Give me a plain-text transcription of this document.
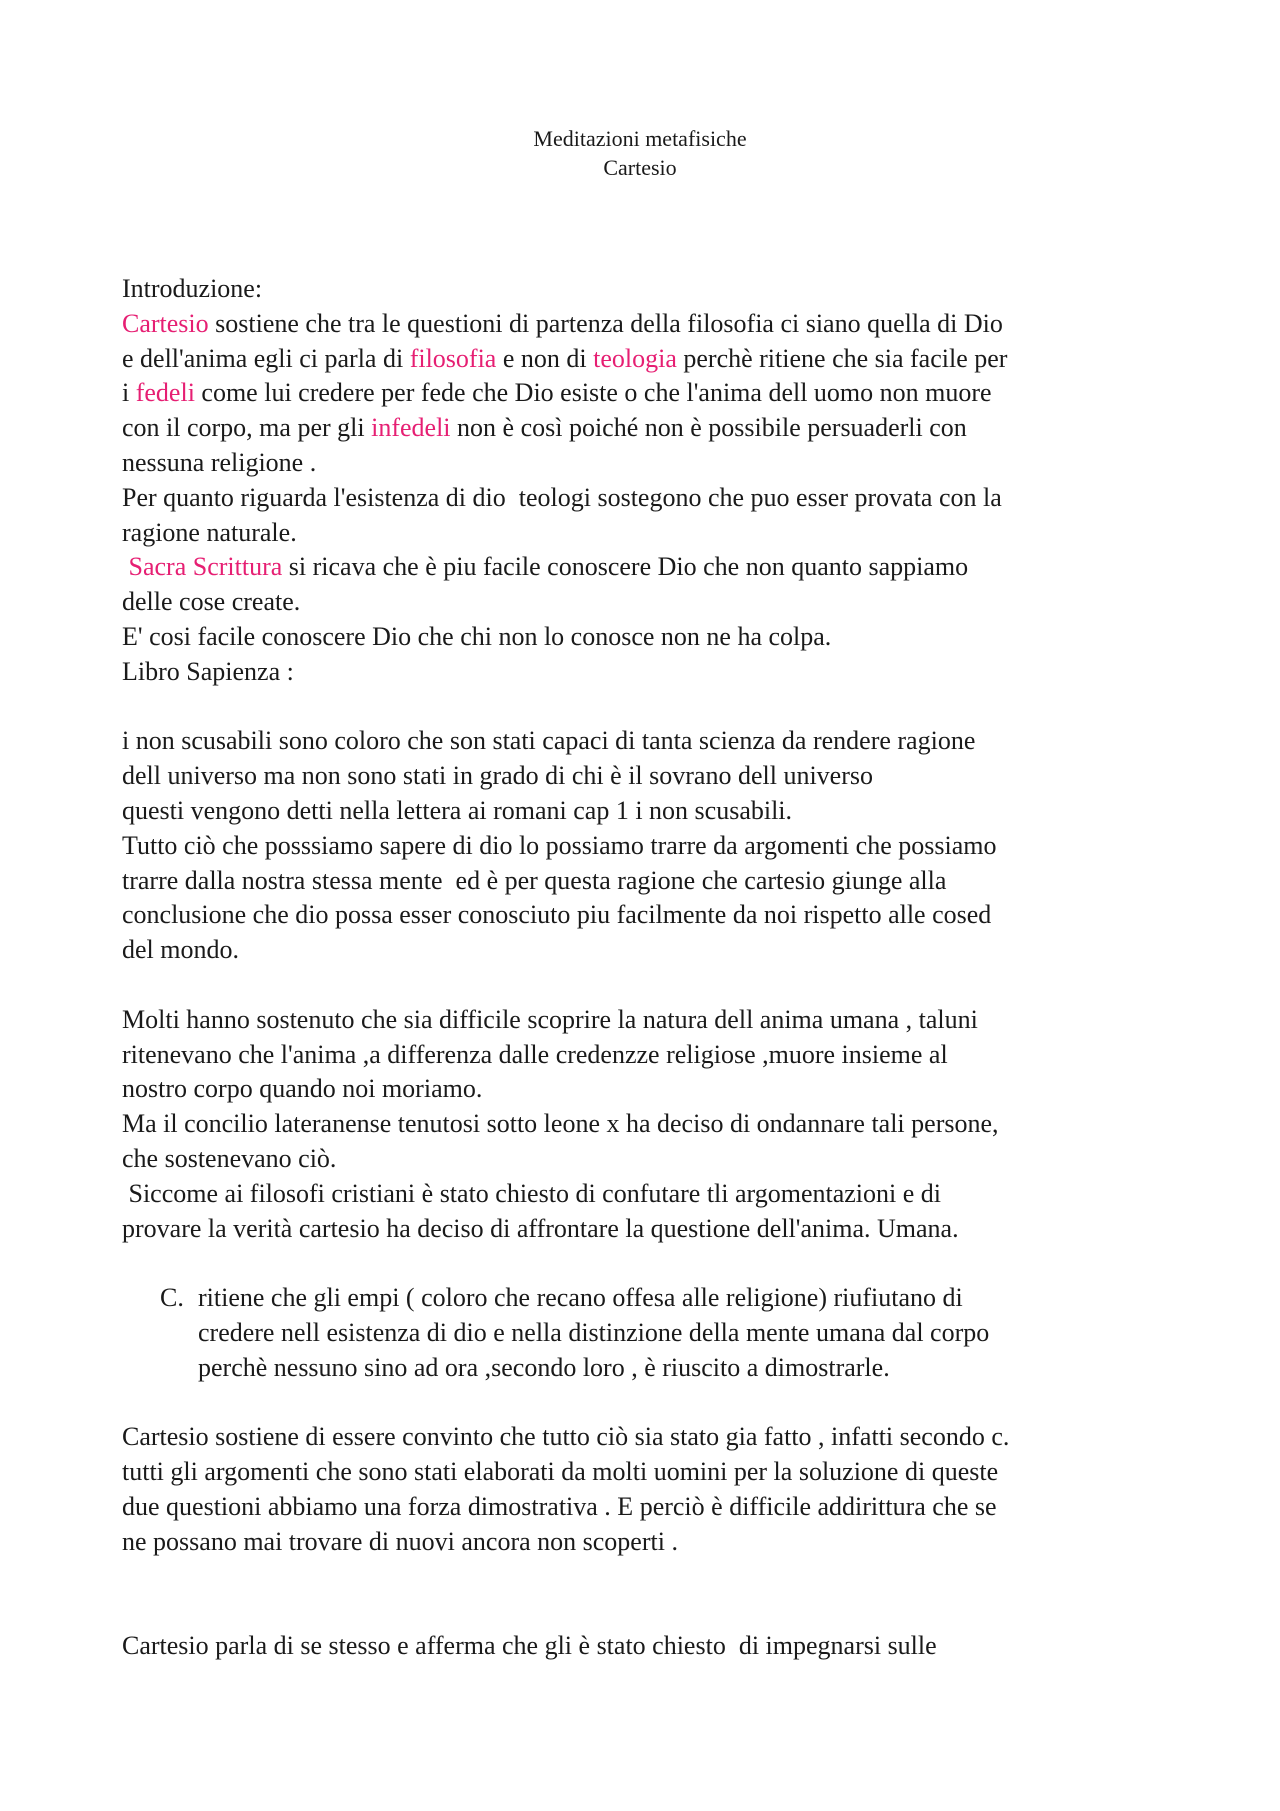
Meditazioni metafisiche
Cartesio
Introduzione:
Cartesio sostiene che tra le questioni di partenza della filosofia ci siano quella di Dio
e dell'anima egli ci parla di filosofia e non di teologia perchè ritiene che sia facile per
i fedeli come lui credere per fede che Dio esiste o che l'anima dell uomo non muore
con il corpo, ma per gli infedeli non è così poiché non è possibile persuaderli con
nessuna religione .
Per quanto riguarda l'esistenza di dio  teologi sostegono che puo esser provata con la
ragione naturale.
Sacra Scrittura si ricava che è piu facile conoscere Dio che non quanto sappiamo
delle cose create.
E' cosi facile conoscere Dio che chi non lo conosce non ne ha colpa.
Libro Sapienza :
i non scusabili sono coloro che son stati capaci di tanta scienza da rendere ragione
dell universo ma non sono stati in grado di chi è il sovrano dell universo
questi vengono detti nella lettera ai romani cap 1 i non scusabili.
Tutto ciò che posssiamo sapere di dio lo possiamo trarre da argomenti che possiamo
trarre dalla nostra stessa mente  ed è per questa ragione che cartesio giunge alla
conclusione che dio possa esser conosciuto piu facilmente da noi rispetto alle cosed
del mondo.
Molti hanno sostenuto che sia difficile scoprire la natura dell anima umana , taluni
ritenevano che l'anima ,a differenza dalle credenzze religiose ,muore insieme al
nostro corpo quando noi moriamo.
Ma il concilio lateranense tenutosi sotto leone x ha deciso di ondannare tali persone,
che sostenevano ciò.
Siccome ai filosofi cristiani è stato chiesto di confutare tli argomentazioni e di
provare la verità cartesio ha deciso di affrontare la questione dell'anima. Umana.
C. ritiene che gli empi ( coloro che recano offesa alle religione) riufiutano di
credere nell esistenza di dio e nella distinzione della mente umana dal corpo
perchè nessuno sino ad ora ,secondo loro , è riuscito a dimostrarle.
Cartesio sostiene di essere convinto che tutto ciò sia stato gia fatto , infatti secondo c.
tutti gli argomenti che sono stati elaborati da molti uomini per la soluzione di queste
due questioni abbiamo una forza dimostrativa . E perciò è difficile addirittura che se
ne possano mai trovare di nuovi ancora non scoperti .
Cartesio parla di se stesso e afferma che gli è stato chiesto  di impegnarsi sulle
